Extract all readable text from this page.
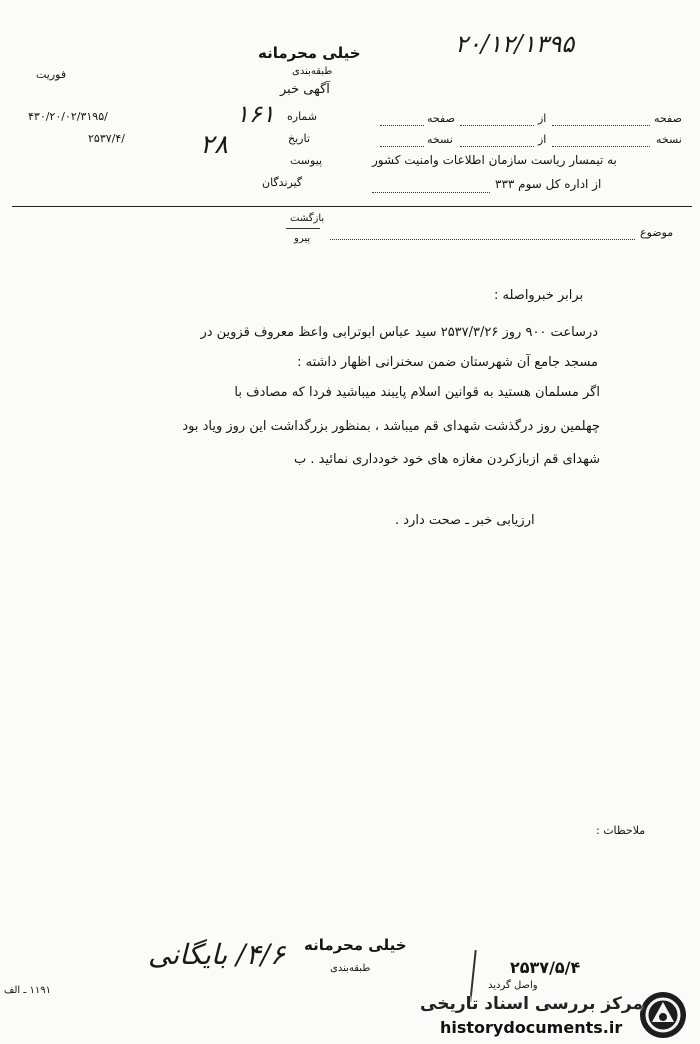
خیلی محرمانه
طبقه‌بندی
فوریت
آگهی خبر
۲۰/۱۲/۱۳۹۵
۴۳۰/۲۰/۰۲/۳۱۹۵/	۱۶۱ شماره
۲۵۳۷/۴/	۲۸	تاریخ
پیوست
گیرندگان
صفحه
از
صفحه
نسخه
از
نسخه
به تیمسار ریاست سازمان اطلاعات وامنیت کشور
از اداره کل سوم ۳۳۳
بازگشت
پیرو	موضوع
برابر خبرواصله :
درساعت ۹۰۰ روز ۲۵۳۷/۳/۲۶ سید عباس ابوترابی واعظ معروف قزوین در
مسجد جامع آن شهرستان ضمن سخنرانی اظهار داشته :
اگر مسلمان هستید به قوانین اسلام پایبند میباشید فردا که مصادف با
چهلمین روز درگذشت شهدای قم میباشد ، بمنظور بزرگداشت این روز ویاد بود
شهدای قم ازبازکردن مغازه های خود خودداری نمائید . ب
ارزیابی خبر ـ صحت دارد .
ملاحظات :
خیلی محرمانه
طبقه‌بندی
۴/۶/ بایگانی	۲۵۳۷/۵/۴
واصل گردید
۱۱۹۱ ـ الف
مرکز بررسی اسناد تاریخی
historydocuments.ir
